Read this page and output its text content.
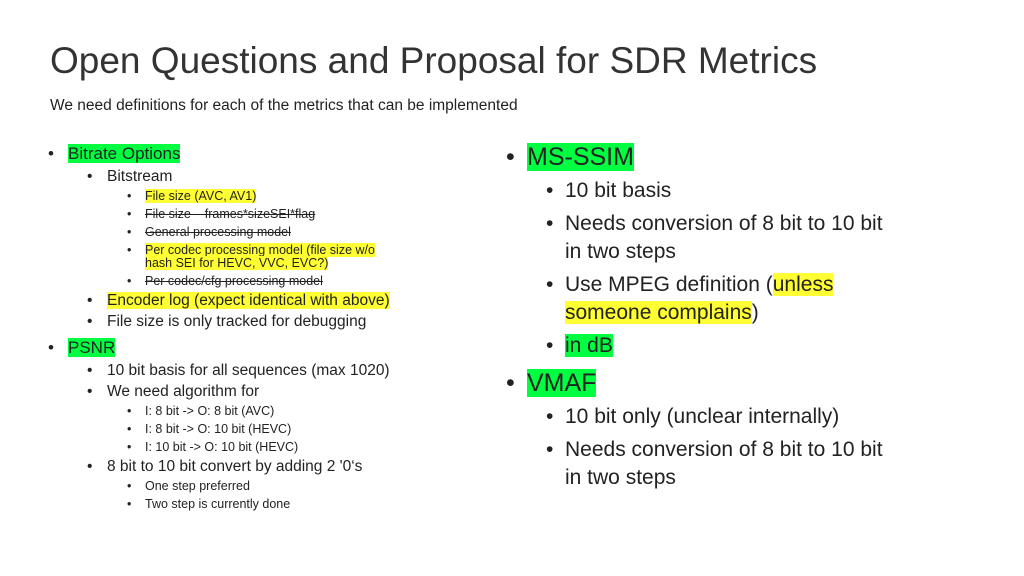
Open Questions and Proposal for SDR Metrics
We need definitions for each of the metrics that can be implemented
• Bitrate Options
• Bitstream
• File size (AVC, AV1)
• File size – frames*sizeSEI*flag
• General processing model
• Per codec processing model (file size w/o hash SEI for HEVC, VVC, EVC?)
• Per codec/cfg processing model
• Encoder log (expect identical with above)
• File size is only tracked for debugging
• PSNR
• 10 bit basis for all sequences (max 1020)
• We need algorithm for
• I: 8 bit -> O: 8 bit (AVC)
• I: 8 bit -> O: 10 bit (HEVC)
• I: 10 bit -> O: 10 bit (HEVC)
• 8 bit to 10 bit convert by adding 2 '0‘s
• One step preferred
• Two step is currently done
• MS-SSIM
• 10 bit basis
• Needs conversion of 8 bit to 10 bit in two steps
• Use MPEG definition (unless someone complains)
• in dB
• VMAF
• 10 bit only (unclear internally)
• Needs conversion of 8 bit to 10 bit in two steps
